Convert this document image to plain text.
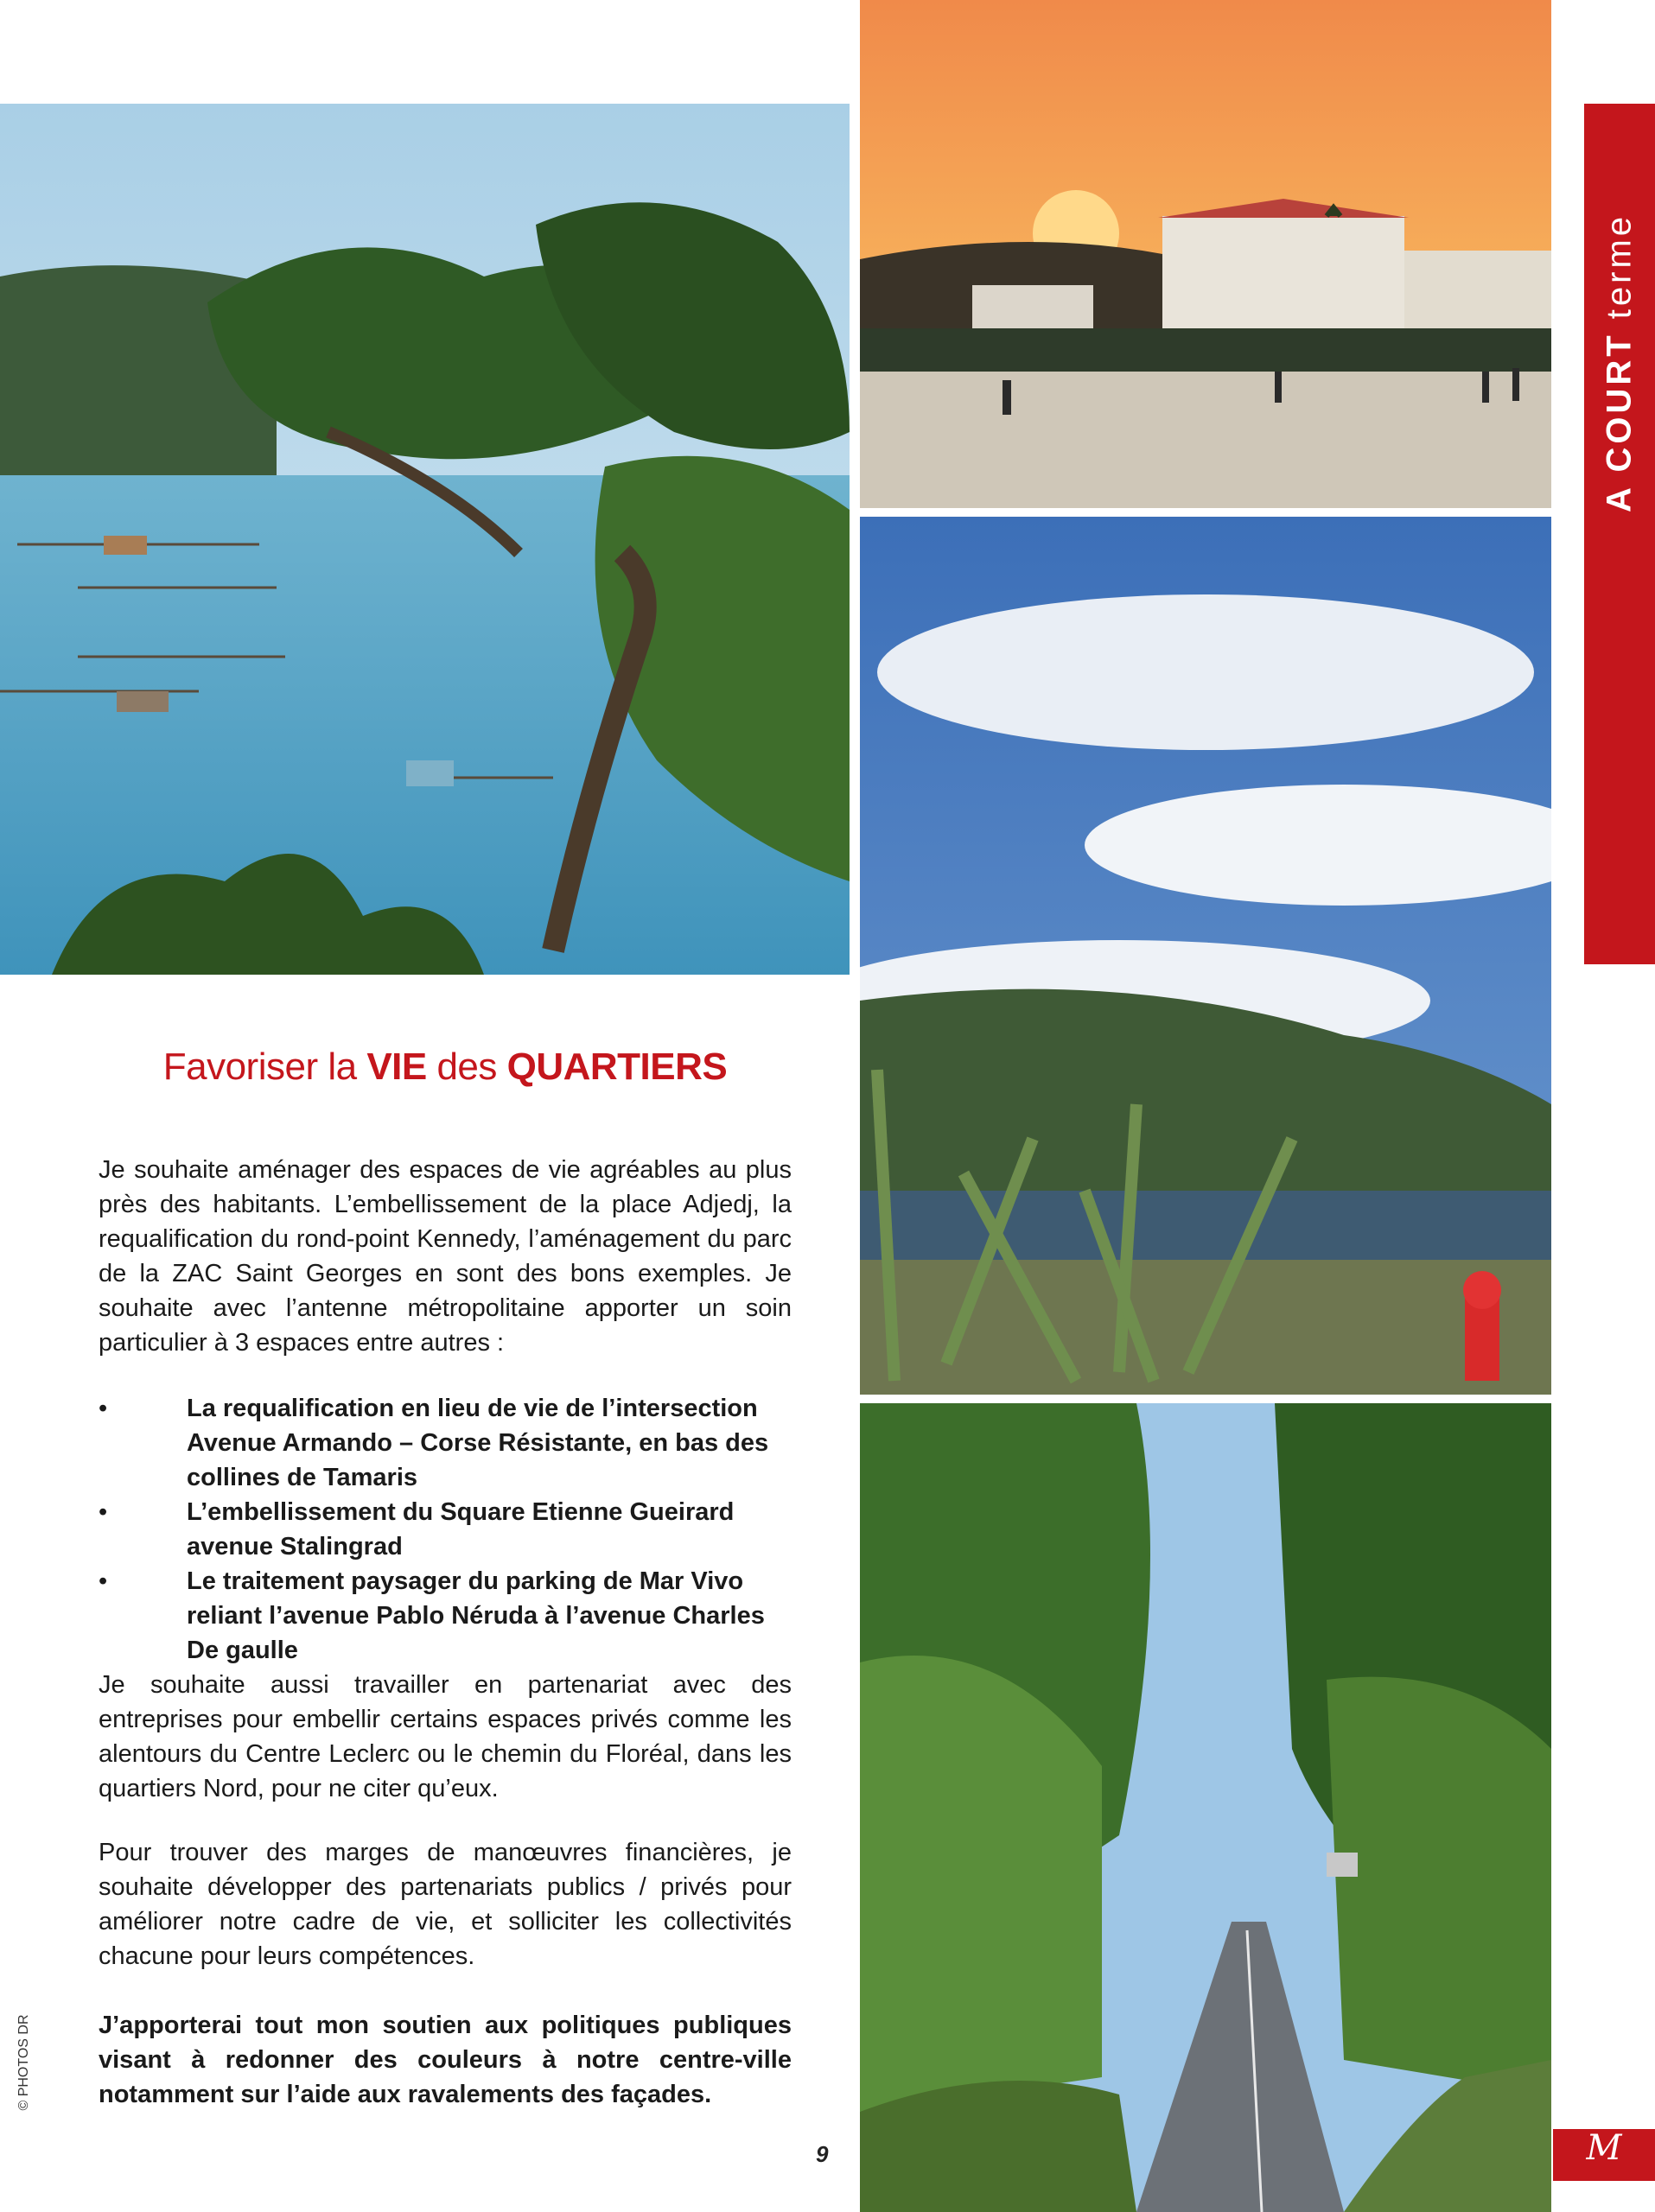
A COURT terme
Favoriser la VIE des QUARTIERS

Je souhaite aménager des espaces de vie agréables au plus près des habitants. L’embellissement de la place Adjedj, la requalification du rond-point Kennedy, l’aménagement du parc de la ZAC Saint Georges en sont des bons exemples. Je souhaite avec l’antenne métropolitaine apporter un soin particulier à 3 espaces entre autres :

•	La requalification en lieu de vie de l’intersection Avenue Armando – Corse Résistante, en bas des collines de Tamaris
•	L’embellissement du Square Etienne Gueirard avenue Stalingrad
•	Le traitement paysager du parking de Mar Vivo reliant l’avenue Pablo Néruda à l’avenue Charles De gaulle

Je souhaite aussi travailler en partenariat avec des entreprises pour embellir certains espaces privés comme les alentours du Centre Leclerc ou le chemin du Floréal, dans les quartiers Nord, pour ne citer qu’eux.

Pour trouver des marges de manœuvres financières, je souhaite développer des partenariats publics / privés pour améliorer notre cadre de vie, et solliciter les collectivités chacune pour leurs compétences.

J’apporterai tout mon soutien aux politiques publiques visant à redonner des couleurs à notre centre-ville notamment sur l’aide aux ravalements des façades.

© PHOTOS DR
9	M
